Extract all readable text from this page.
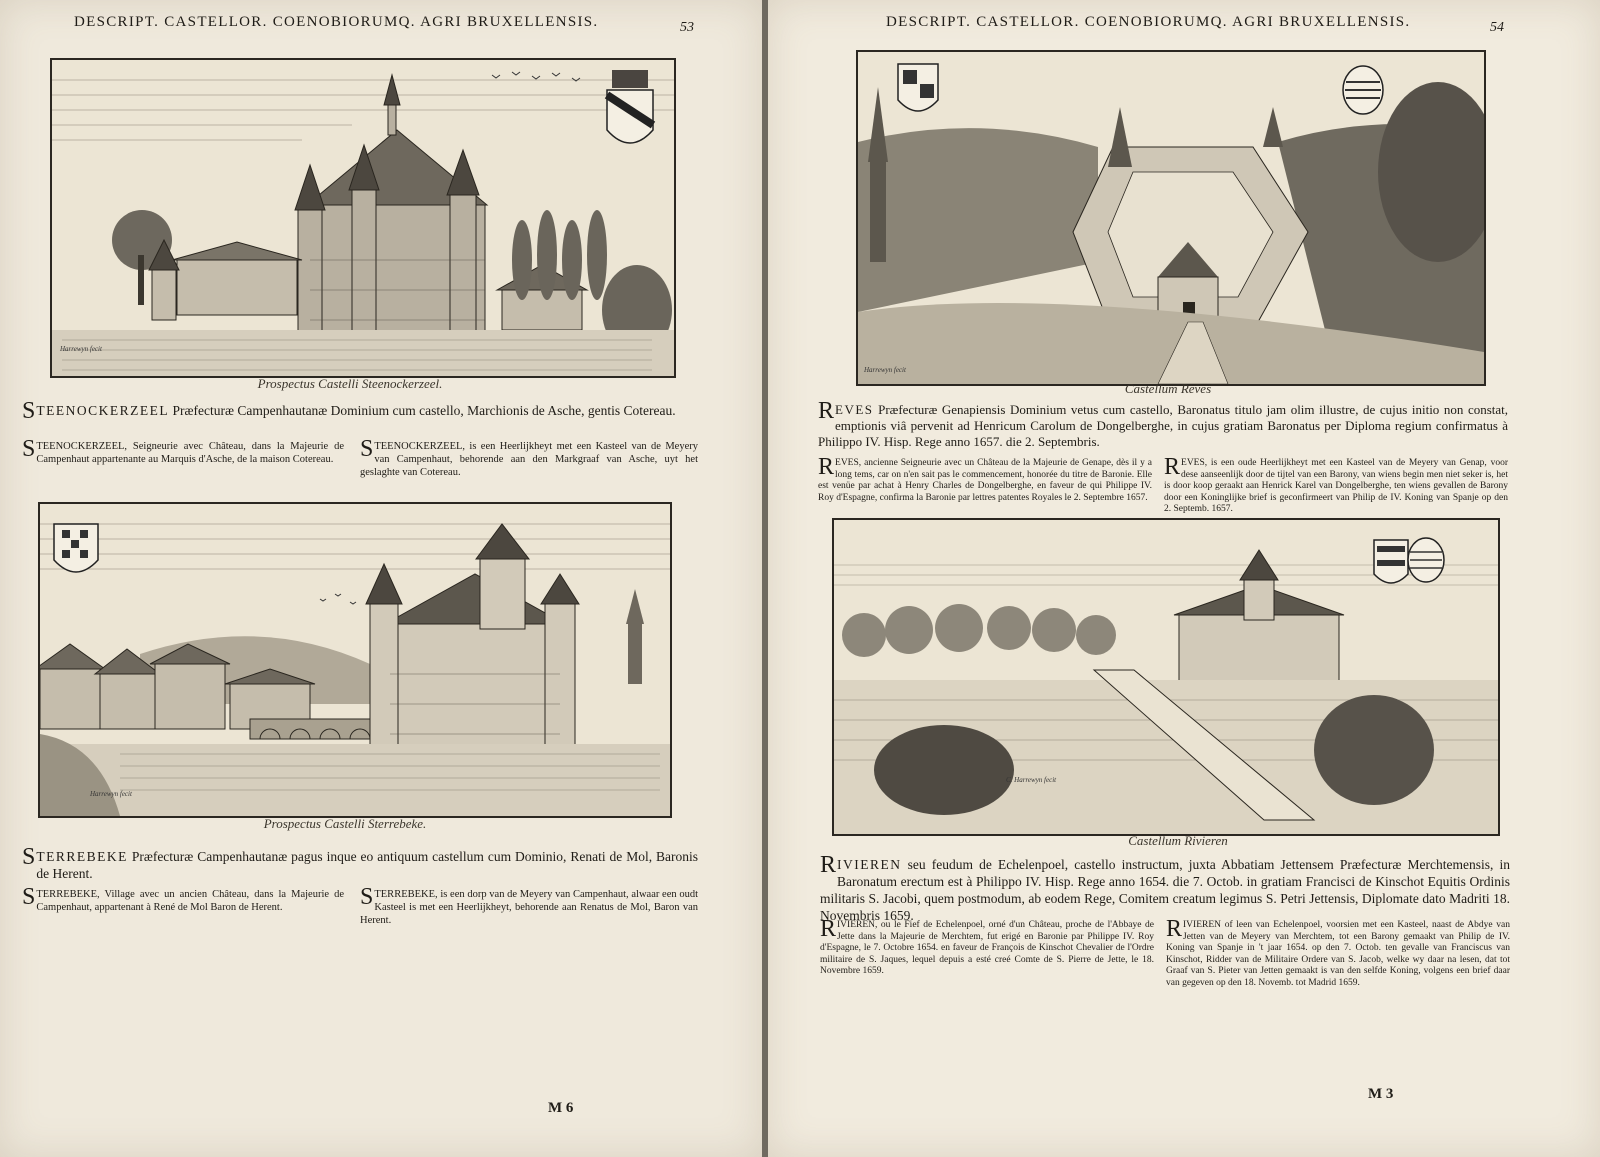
DESCRIPT. CASTELLOR. COENOBIORUMQ. AGRI BRUXELLENSIS.	53
Harrewyn fecit
Prospectus Castelli Steenockerzeel.
STEENOCKERZEEL Præfecturæ Campenhautanæ Dominium cum castello, Marchionis de Asche, gentis Cotereau.
STEENOCKERZEEL, Seigneurie avec Château, dans la Majeurie de Campenhaut appartenante au Marquis d'Asche, de la maison Cotereau.	STEENOCKERZEEL, is een Heerlijkheyt met een Kasteel van de Meyery van Campenhaut, behorende aan den Markgraaf van Asche, uyt het geslaghte van Cotereau.
Harrewyn fecit
Prospectus Castelli Sterrebeke.
STERREBEKE Præfecturæ Campenhautanæ pagus inque eo antiquum castellum cum Dominio, Renati de Mol, Baronis de Herent.
STERREBEKE, Village avec un ancien Château, dans la Majeurie de Campenhaut, appartenant à René de Mol Baron de Herent.	STERREBEKE, is een dorp van de Meyery van Campenhaut, alwaar een oudt Kasteel is met een Heerlijkheyt, behorende aan Renatus de Mol, Baron van Herent.
M 6
DESCRIPT. CASTELLOR. COENOBIORUMQ. AGRI BRUXELLENSIS.	54
Harrewyn fecit
Castellum Reves
REVES Præfecturæ Genapiensis Dominium vetus cum castello, Baronatus titulo jam olim illustre, de cujus initio non constat, emptionis viâ pervenit ad Henricum Carolum de Dongelberghe, in cujus gratiam Baronatus per Diploma regium confirmatus à Philippo IV. Hisp. Rege anno 1657. die 2. Septembris.
REVES, ancienne Seigneurie avec un Château de la Majeurie de Genape, dès il y a long tems, car on n'en sait pas le commencement, honorée du titre de Baronie. Elle est venüe par achat à Henry Charles de Dongelberghe, en faveur de qui Philippe IV. Roy d'Espagne, confirma la Baronie par lettres patentes Royales le 2. Septembre 1657.
REVES, is een oude Heerlijkheyt met een Kasteel van de Meyery van Genap, voor dese aanseenlijk door de tijtel van een Barony, van wiens begin men niet seker is, het is door koop geraakt aan Henrick Karel van Dongelberghe, ten wiens gevallen de Barony door een Koninglijke brief is geconfirmeert van Philip de IV. Koning van Spanje op den 2. Septemb. 1657.
C. Harrewyn fecit
Castellum Rivieren
RIVIEREN seu feudum de Echelenpoel, castello instructum, juxta Abbatiam Jettensem Præfecturæ Merchtemensis, in Baronatum erectum est à Philippo IV. Hisp. Rege anno 1654. die 7. Octob. in gratiam Francisci de Kinschot Equitis Ordinis militaris S. Jacobi, quem postmodum, ab eodem Rege, Comitem creatum legimus S. Petri Jettensis, Diplomate dato Madriti 18. Novembris 1659.
RIVIEREN, ou le Fief de Echelenpoel, orné d'un Château, proche de l'Abbaye de Jette dans la Majeurie de Merchtem, fut erigé en Baronie par Philippe IV. Roy d'Espagne, le 7. Octobre 1654. en faveur de François de Kinschot Chevalier de l'Ordre militaire de S. Jaques, lequel depuis a esté creé Comte de S. Pierre de Jette, le 18. Novembre 1659.
RIVIEREN of leen van Echelenpoel, voorsien met een Kasteel, naast de Abdye van Jetten van de Meyery van Merchtem, tot een Barony gemaakt van Philip de IV. Koning van Spanje in 't jaar 1654. op den 7. Octob. ten gevalle van Franciscus van Kinschot, Ridder van de Militaire Ordere van S. Jacob, welke wy daar na lesen, dat tot Graaf van S. Pieter van Jetten gemaakt is van den selfde Koning, volgens een brief daar van gegeven op den 18. Novemb. tot Madrid 1659.
M 3
